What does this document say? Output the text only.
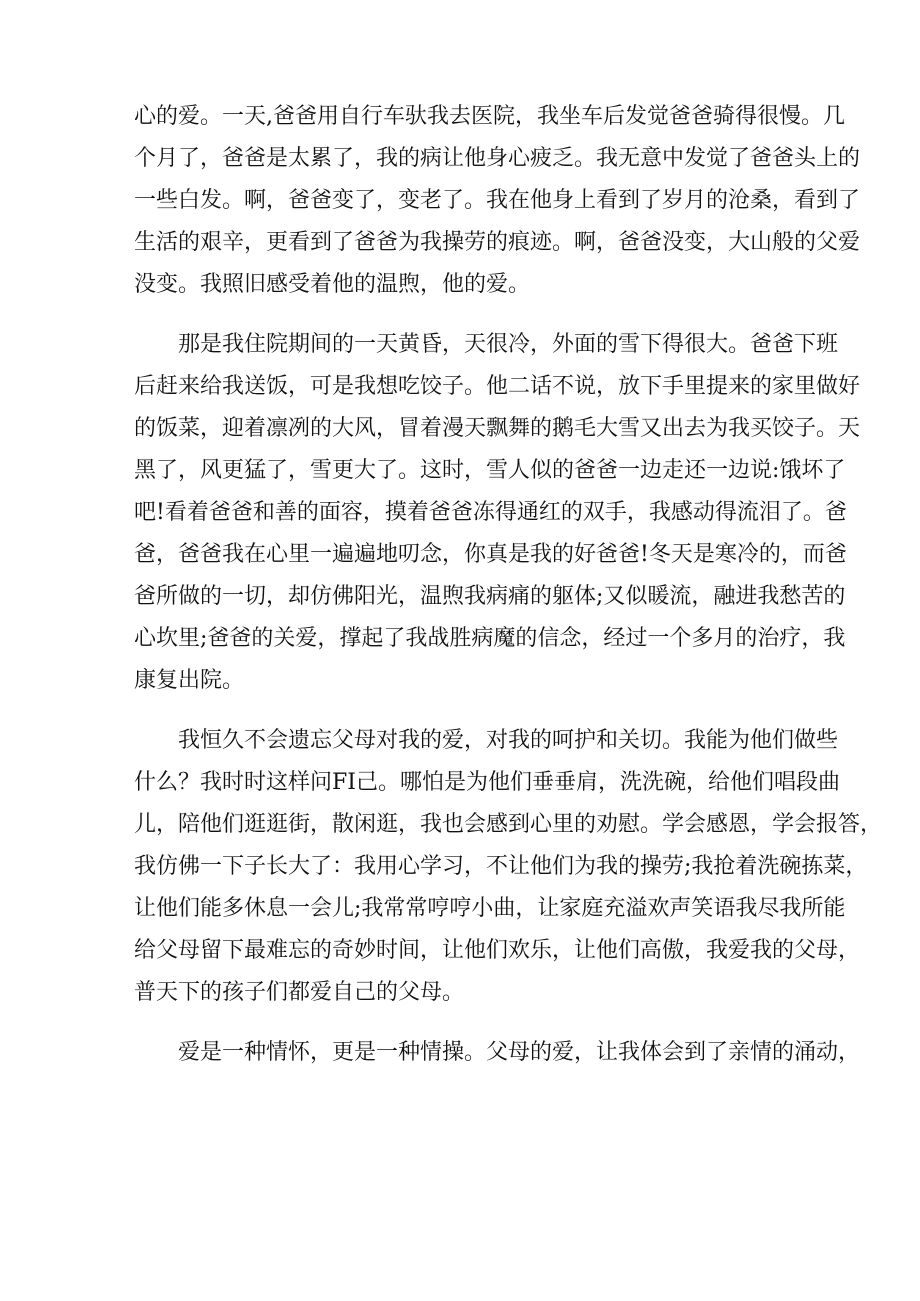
心的爱。一天,爸爸用自行车驮我去医院，我坐车后发觉爸爸骑得很慢。几
个月了，爸爸是太累了，我的病让他身心疲乏。我无意中发觉了爸爸头上的
一些白发。啊，爸爸变了，变老了。我在他身上看到了岁月的沧桑，看到了
生活的艰辛，更看到了爸爸为我操劳的痕迹。啊，爸爸没变，大山般的父爱
没变。我照旧感受着他的温煦，他的爱。

　　那是我住院期间的一天黄昏，天很冷，外面的雪下得很大。爸爸下班
后赶来给我送饭，可是我想吃饺子。他二话不说，放下手里提来的家里做好
的饭菜，迎着凛冽的大风，冒着漫天飘舞的鹅毛大雪又出去为我买饺子。天
黑了，风更猛了，雪更大了。这时，雪人似的爸爸一边走还一边说:饿坏了
吧!看着爸爸和善的面容，摸着爸爸冻得通红的双手，我感动得流泪了。爸
爸，爸爸我在心里一遍遍地叨念，你真是我的好爸爸!冬天是寒冷的，而爸
爸所做的一切，却仿佛阳光，温煦我病痛的躯体;又似暖流，融进我愁苦的
心坎里;爸爸的关爱，撑起了我战胜病魔的信念，经过一个多月的治疗，我
康复出院。

　　我恒久不会遗忘父母对我的爱，对我的呵护和关切。我能为他们做些
什么？我时时这样问FI己。哪怕是为他们垂垂肩，洗洗碗，给他们唱段曲
儿，陪他们逛逛街，散闲逛，我也会感到心里的劝慰。学会感恩，学会报答，
我仿佛一下子长大了：我用心学习，不让他们为我的操劳;我抢着洗碗拣菜，
让他们能多休息一会儿;我常常哼哼小曲，让家庭充溢欢声笑语我尽我所能
给父母留下最难忘的奇妙时间，让他们欢乐，让他们高傲，我爱我的父母，
普天下的孩子们都爱自己的父母。

　　爱是一种情怀，更是一种情操。父母的爱，让我体会到了亲情的涌动，
